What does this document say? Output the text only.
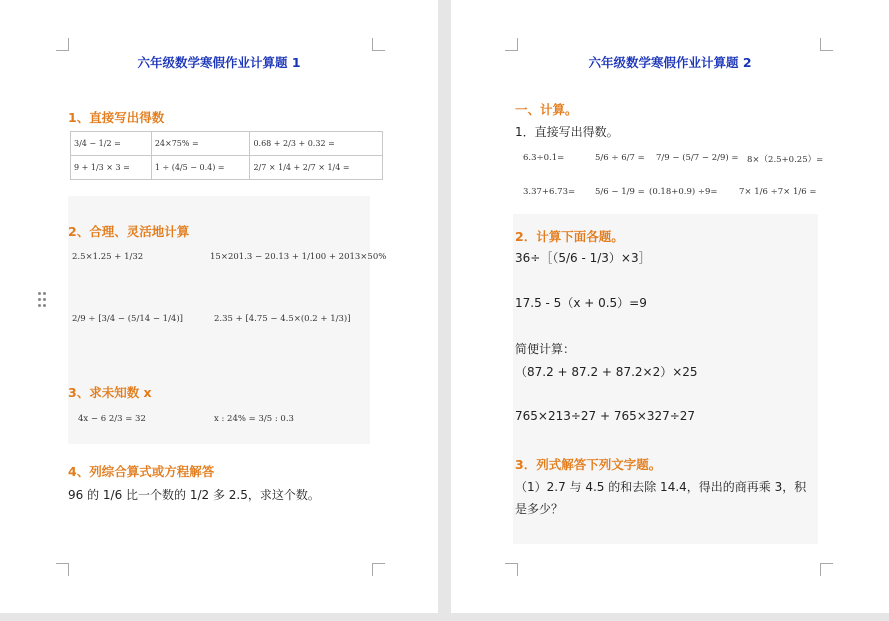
六年级数学寒假作业计算题 1
1、直接写出得数
3/4 − 1/2 =	24×75% =	0.68 + 2/3 + 0.32 =
9 + 1/3 × 3 =	1 ÷ (4/5 − 0.4) =	2/7 × 1/4 + 2/7 × 1/4 =
2、合理、灵活地计算
2.5×1.25 + 1/32	15×201.3 − 20.13 + 1/100 + 2013×50%
2/9 ÷ [3/4 − (5/14 − 1/4)]	2.35 + [4.75 − 4.5×(0.2 + 1/3)]
3、求未知数 x
4x − 6 2/3 = 32	x : 24% = 3/5 : 0.3
4、列综合算式或方程解答
96 的 1/6 比一个数的 1/2 多 2.5，求这个数。
六年级数学寒假作业计算题 2
一、计算。
1．直接写出得数。
6.3÷0.1=	5/6 ÷ 6/7 = 7/9 − (5/7 − 2/9) = 8×（2.5+0.25）=
3.37+6.73= 5/6 − 1/9 = (0.18+0.9) ÷9=	7× 1/6 ÷7× 1/6 =
2．计算下面各题。
36÷［（5/6 - 1/3）×3］
17.5 - 5（x + 0.5）=9
简便计算：
（87.2 + 87.2 + 87.2×2）×25
765×213÷27 + 765×327÷27
3．列式解答下列文字题。
（1）2.7 与 4.5 的和去除 14.4，得出的商再乘 3，积
是多少？
